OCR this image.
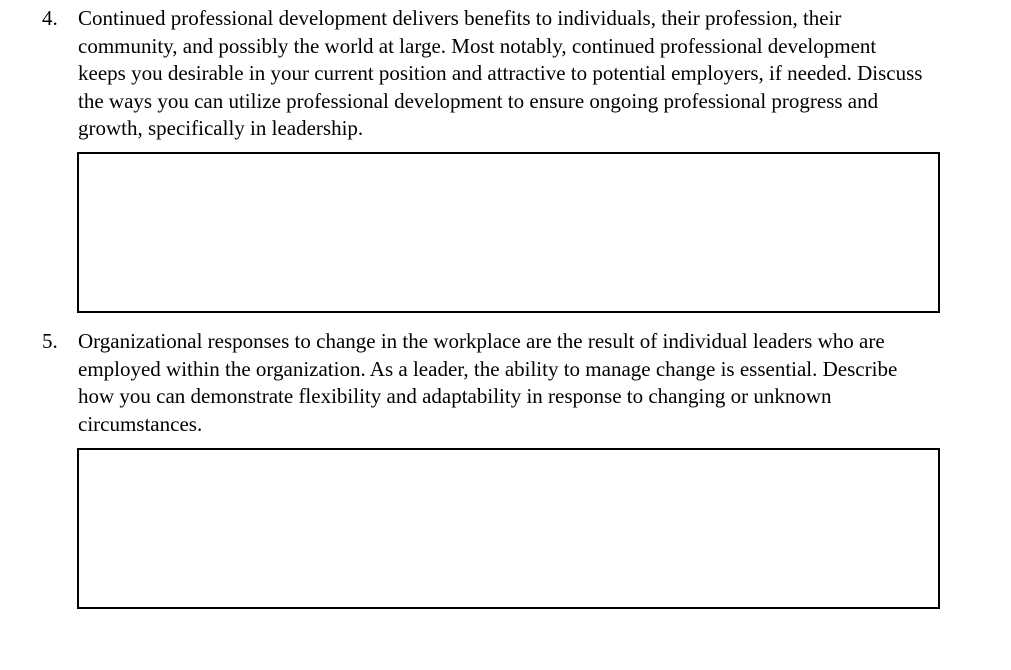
4. Continued professional development delivers benefits to individuals, their profession, their community, and possibly the world at large. Most notably, continued professional development keeps you desirable in your current position and attractive to potential employers, if needed. Discuss the ways you can utilize professional development to ensure ongoing professional progress and growth, specifically in leadership.
5. Organizational responses to change in the workplace are the result of individual leaders who are employed within the organization. As a leader, the ability to manage change is essential. Describe how you can demonstrate flexibility and adaptability in response to changing or unknown circumstances.
